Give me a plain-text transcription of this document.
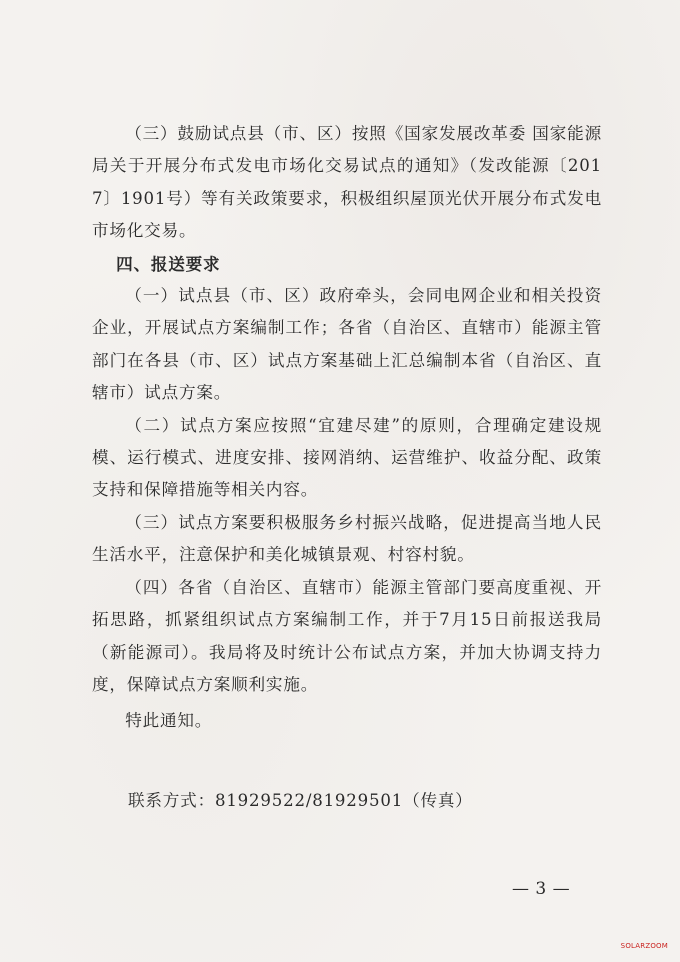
（三）鼓励试点县（市、区）按照《国家发展改革委 国家能源局关于开展分布式发电市场化交易试点的通知》（发改能源〔2017〕1901号）等有关政策要求，积极组织屋顶光伏开展分布式发电市场化交易。

四、报送要求

（一）试点县（市、区）政府牵头，会同电网企业和相关投资企业，开展试点方案编制工作；各省（自治区、直辖市）能源主管部门在各县（市、区）试点方案基础上汇总编制本省（自治区、直辖市）试点方案。

（二）试点方案应按照“宜建尽建”的原则，合理确定建设规模、运行模式、进度安排、接网消纳、运营维护、收益分配、政策支持和保障措施等相关内容。

（三）试点方案要积极服务乡村振兴战略，促进提高当地人民生活水平，注意保护和美化城镇景观、村容村貌。

（四）各省（自治区、直辖市）能源主管部门要高度重视、开拓思路，抓紧组织试点方案编制工作，并于7月15日前报送我局（新能源司）。我局将及时统计公布试点方案，并加大协调支持力度，保障试点方案顺利实施。

特此通知。

联系方式：81929522/81929501（传真）
— 3 —
SOLARZOOM
